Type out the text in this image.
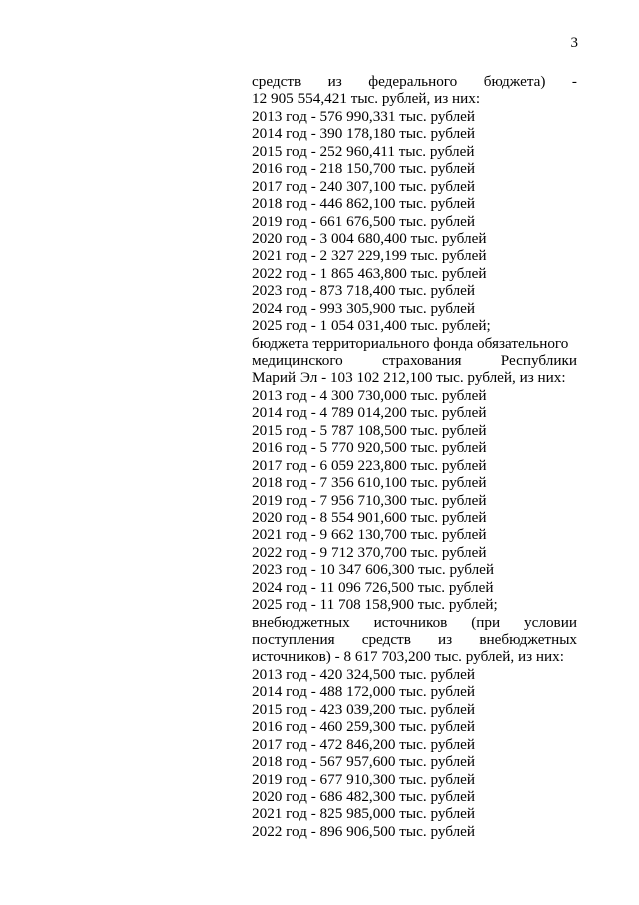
3
средств из федерального бюджета) -
12 905 554,421 тыс. рублей, из них:
2013 год - 576 990,331 тыс. рублей
2014 год - 390 178,180 тыс. рублей
2015 год - 252 960,411 тыс. рублей
2016 год - 218 150,700 тыс. рублей
2017 год - 240 307,100 тыс. рублей
2018 год - 446 862,100 тыс. рублей
2019 год - 661 676,500 тыс. рублей
2020 год - 3 004 680,400 тыс. рублей
2021 год - 2 327 229,199 тыс. рублей
2022 год - 1 865 463,800 тыс. рублей
2023 год - 873 718,400 тыс. рублей
2024 год - 993 305,900 тыс. рублей
2025 год - 1 054 031,400 тыс. рублей;
бюджета территориального фонда обязательного
медицинского	страхования	Республики
Марий Эл - 103 102 212,100 тыс. рублей, из них:
2013 год - 4 300 730,000 тыс. рублей
2014 год - 4 789 014,200 тыс. рублей
2015 год - 5 787 108,500 тыс. рублей
2016 год - 5 770 920,500 тыс. рублей
2017 год - 6 059 223,800 тыс. рублей
2018 год - 7 356 610,100 тыс. рублей
2019 год - 7 956 710,300 тыс. рублей
2020 год - 8 554 901,600 тыс. рублей
2021 год - 9 662 130,700 тыс. рублей
2022 год - 9 712 370,700 тыс. рублей
2023 год - 10 347 606,300 тыс. рублей
2024 год - 11 096 726,500 тыс. рублей
2025 год - 11 708 158,900 тыс. рублей;
внебюджетных источников (при условии
поступления средств из внебюджетных
источников) - 8 617 703,200 тыс. рублей, из них:
2013 год - 420 324,500 тыс. рублей
2014 год - 488 172,000 тыс. рублей
2015 год - 423 039,200 тыс. рублей
2016 год - 460 259,300 тыс. рублей
2017 год - 472 846,200 тыс. рублей
2018 год - 567 957,600 тыс. рублей
2019 год - 677 910,300 тыс. рублей
2020 год - 686 482,300 тыс. рублей
2021 год - 825 985,000 тыс. рублей
2022 год - 896 906,500 тыс. рублей
